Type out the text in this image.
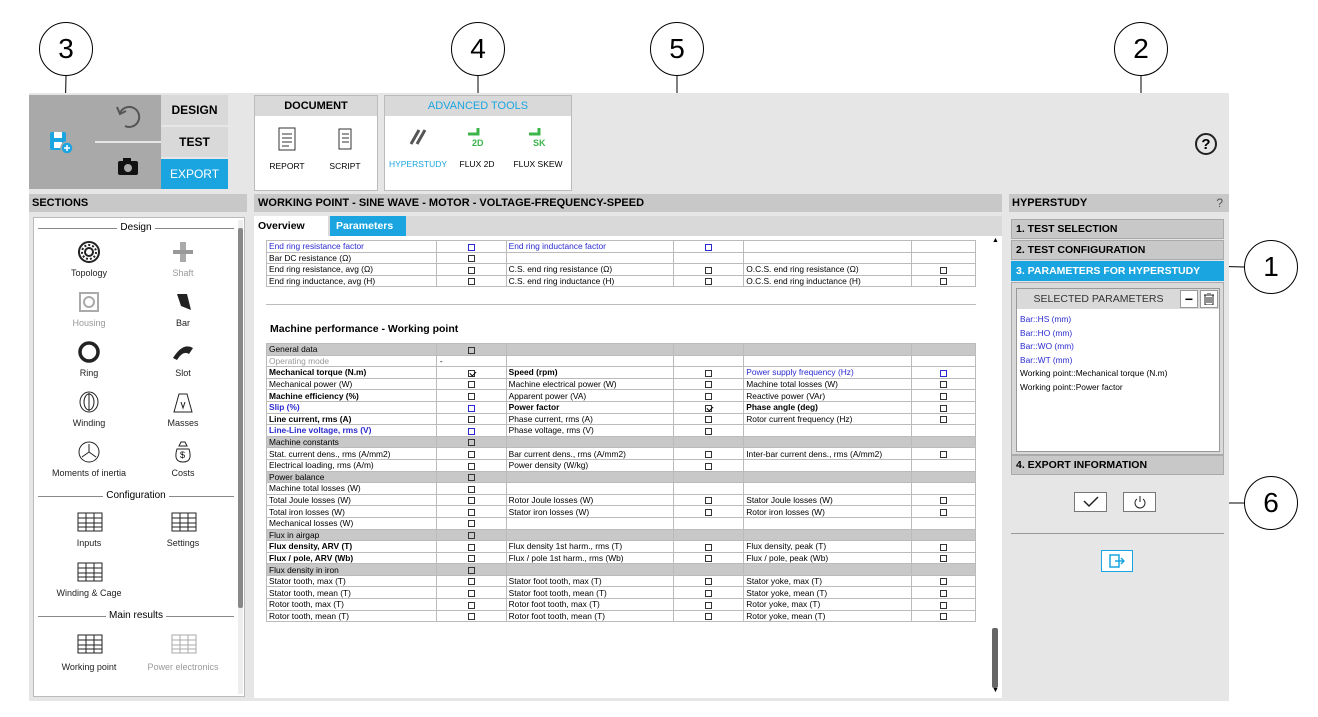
3	4	5	2
1
6
DESIGN
TEST
EXPORT
DOCUMENT
REPORT	SCRIPT
ADVANCED TOOLS
HYPERSTUDY
2D
FLUX 2D
SK
FLUX SKEW
?
SECTIONS
Design
Topology	Shaft
Housing	Bar
Ring	Slot
Winding	Masses
Moments of inertia
$
Costs
Configuration
Inputs	Settings
Winding & Cage
Main results
Working point	Power electronics
WORKING POINT - SINE WAVE - MOTOR - VOLTAGE-FREQUENCY-SPEED
Overview	Parameters
End ring resistance factor		End ring inductance factor			
Bar DC resistance (Ω)					
End ring resistance, avg (Ω)		C.S. end ring resistance (Ω)		O.C.S. end ring resistance (Ω)	
End ring inductance, avg (H)		C.S. end ring inductance (H)		O.C.S. end ring inductance (H)	
Machine performance - Working point
General data					
Operating mode	-				
Mechanical torque (N.m)		Speed (rpm)		Power supply frequency (Hz)	
Mechanical power (W)		Machine electrical power (W)		Machine total losses (W)	
Machine efficiency (%)		Apparent power (VA)		Reactive power (VAr)	
Slip (%)		Power factor		Phase angle (deg)	
Line current, rms (A)		Phase current, rms (A)		Rotor current frequency (Hz)	
Line-Line voltage, rms (V)		Phase voltage, rms (V)			
Machine constants					
Stat. current dens., rms (A/mm2)		Bar current dens., rms (A/mm2)		Inter-bar current dens., rms (A/mm2)	
Electrical loading, rms (A/m)		Power density (W/kg)			
Power balance					
Machine total losses (W)					
Total Joule losses (W)		Rotor Joule losses (W)		Stator Joule losses (W)	
Total iron losses (W)		Stator iron losses (W)		Rotor iron losses (W)	
Mechanical losses (W)					
Flux in airgap					
Flux density, ARV (T)		Flux density 1st harm., rms (T)		Flux density, peak (T)	
Flux / pole, ARV (Wb)		Flux / pole 1st harm., rms (Wb)		Flux / pole, peak (Wb)	
Flux density in iron					
Stator tooth, max (T)		Stator foot tooth, max (T)		Stator yoke, max (T)	
Stator tooth, mean (T)		Stator foot tooth, mean (T)		Stator yoke, mean (T)	
Rotor tooth, max (T)		Rotor foot tooth, max (T)		Rotor yoke, max (T)	
Rotor tooth, mean (T)		Rotor foot tooth, mean (T)		Rotor yoke, mean (T)	
▲
▼
HYPERSTUDY	?
1. TEST SELECTION
2. TEST CONFIGURATION
3. PARAMETERS FOR HYPERSTUDY
SELECTED PARAMETERS	−
Bar::HS (mm)
Bar::HO (mm)
Bar::WO (mm)
Bar::WT (mm)
Working point::Mechanical torque (N.m)
Working point::Power factor
4. EXPORT INFORMATION
